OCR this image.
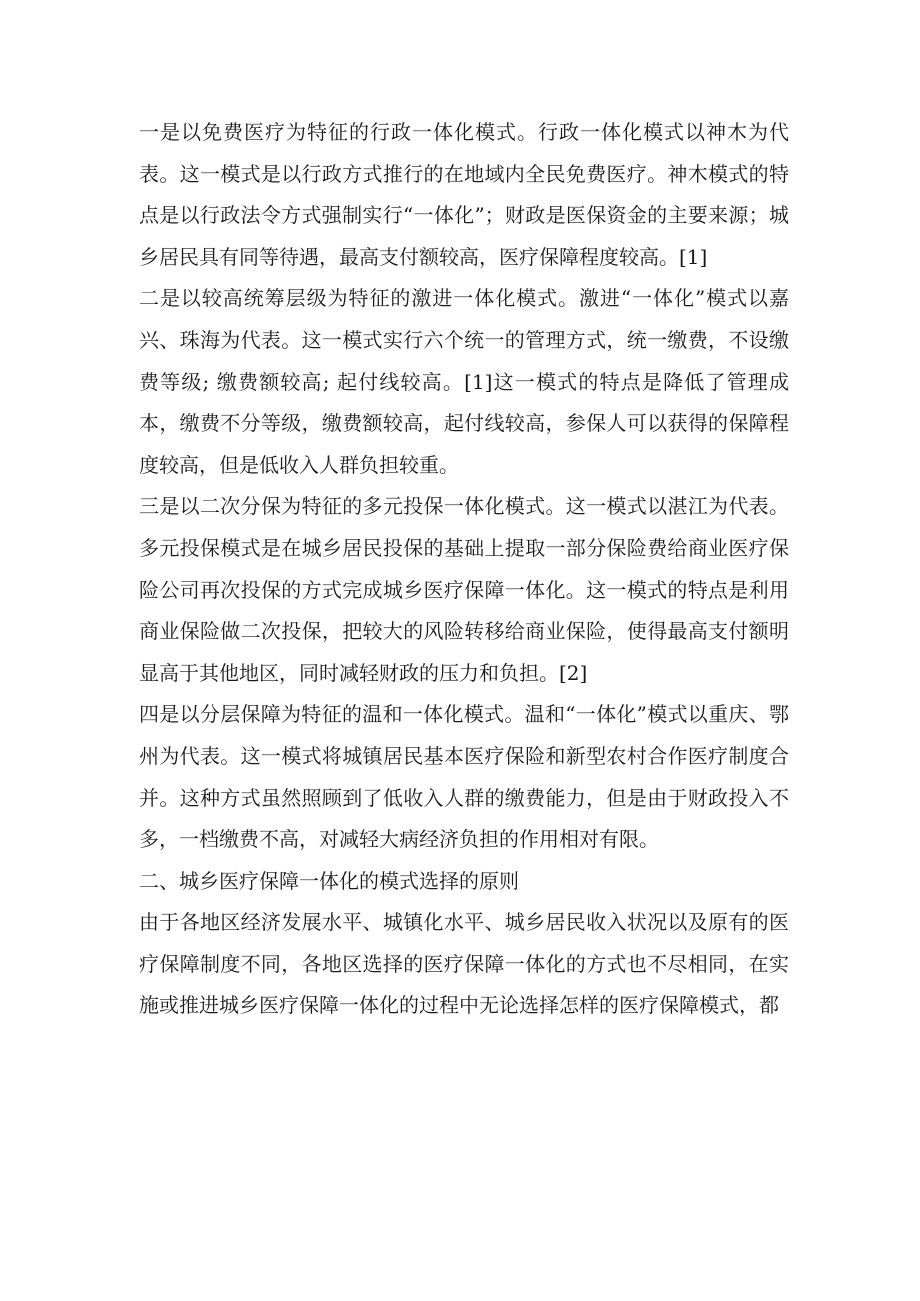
一是以免费医疗为特征的行政一体化模式。行政一体化模式以神木为代表。这一模式是以行政方式推行的在地域内全民免费医疗。神木模式的特点是以行政法令方式强制实行“一体化”；财政是医保资金的主要来源；城乡居民具有同等待遇，最高支付额较高，医疗保障程度较高。[1]

二是以较高统筹层级为特征的激进一体化模式。激进“一体化”模式以嘉兴、珠海为代表。这一模式实行六个统一的管理方式，统一缴费，不设缴费等级; 缴费额较高; 起付线较高。[1]这一模式的特点是降低了管理成本，缴费不分等级，缴费额较高，起付线较高，参保人可以获得的保障程度较高，但是低收入人群负担较重。

三是以二次分保为特征的多元投保一体化模式。这一模式以湛江为代表。多元投保模式是在城乡居民投保的基础上提取一部分保险费给商业医疗保险公司再次投保的方式完成城乡医疗保障一体化。这一模式的特点是利用商业保险做二次投保，把较大的风险转移给商业保险，使得最高支付额明显高于其他地区，同时减轻财政的压力和负担。[2]

四是以分层保障为特征的温和一体化模式。温和“一体化”模式以重庆、鄂州为代表。这一模式将城镇居民基本医疗保险和新型农村合作医疗制度合并。这种方式虽然照顾到了低收入人群的缴费能力，但是由于财政投入不多，一档缴费不高，对减轻大病经济负担的作用相对有限。

二、城乡医疗保障一体化的模式选择的原则

由于各地区经济发展水平、城镇化水平、城乡居民收入状况以及原有的医疗保障制度不同，各地区选择的医疗保障一体化的方式也不尽相同，在实施或推进城乡医疗保障一体化的过程中无论选择怎样的医疗保障模式，都
